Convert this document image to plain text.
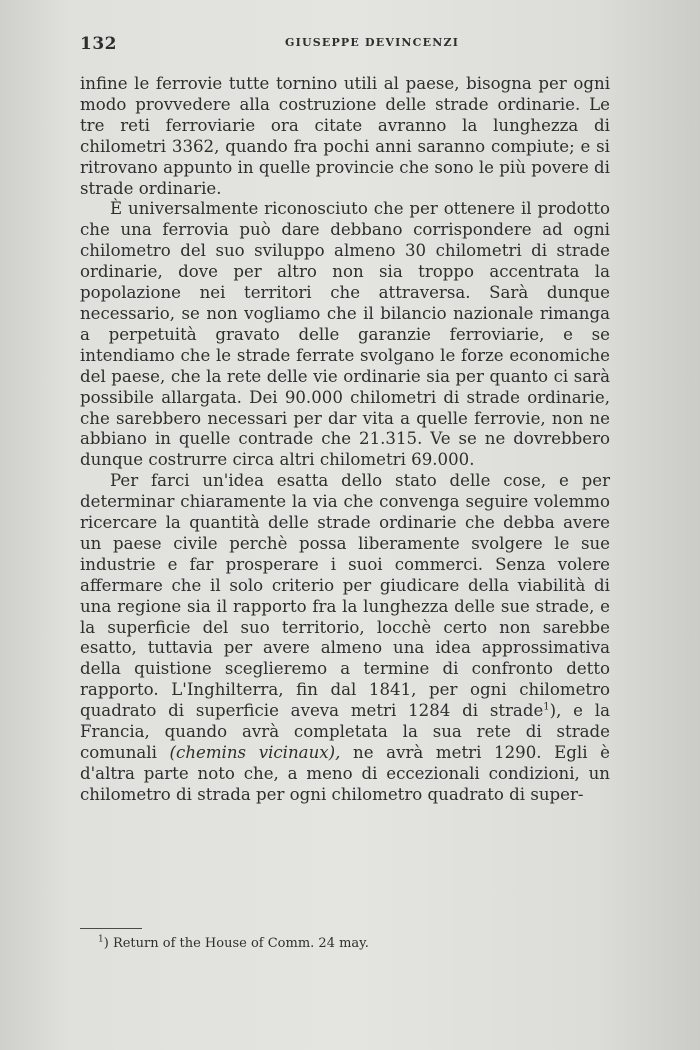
132	GIUSEPPE DEVINCENZI

infine le ferrovie tutte tornino utili al paese, bisogna per ogni modo provvedere alla costruzione delle strade ordinarie. Le tre reti ferroviarie ora citate avranno la lunghezza di chilometri 3362, quando fra pochi anni saranno compiute; e si ritrovano appunto in quelle provincie che sono le più povere di strade ordinarie.

È universalmente riconosciuto che per ottenere il prodotto che una ferrovia può dare debbano corrispondere ad ogni chilometro del suo sviluppo almeno 30 chilometri di strade ordinarie, dove per altro non sia troppo accentrata la popolazione nei territori che attraversa. Sarà dunque necessario, se non vogliamo che il bilancio nazionale rimanga a perpetuità gravato delle garanzie ferroviarie, e se intendiamo che le strade ferrate svolgano le forze economiche del paese, che la rete delle vie ordinarie sia per quanto ci sarà possibile allargata. Dei 90.000 chilometri di strade ordinarie, che sarebbero necessari per dar vita a quelle ferrovie, non ne abbiano in quelle contrade che 21.315. Ve se ne dovrebbero dunque costrurre circa altri chilometri 69.000.

Per farci un'idea esatta dello stato delle cose, e per determinar chiaramente la via che convenga seguire volemmo ricercare la quantità delle strade ordinarie che debba avere un paese civile perchè possa liberamente svolgere le sue industrie e far prosperare i suoi commerci. Senza volere affermare che il solo criterio per giudicare della viabilità di una regione sia il rapporto fra la lunghezza delle sue strade, e la superficie del suo territorio, locchè certo non sarebbe esatto, tuttavia per avere almeno una idea approssimativa della quistione sceglieremo a termine di confronto detto rapporto. L'Inghilterra, fin dal 1841, per ogni chilometro quadrato di superficie aveva metri 1284 di strade$^1$), e la Francia, quando avrà completata la sua rete di strade comunali (chemins vicinaux), ne avrà metri 1290. Egli è d'altra parte noto che, a meno di eccezionali condizioni, un chilometro di strada per ogni chilometro quadrato di super-

$^1$) Return of the House of Comm. 24 may.
